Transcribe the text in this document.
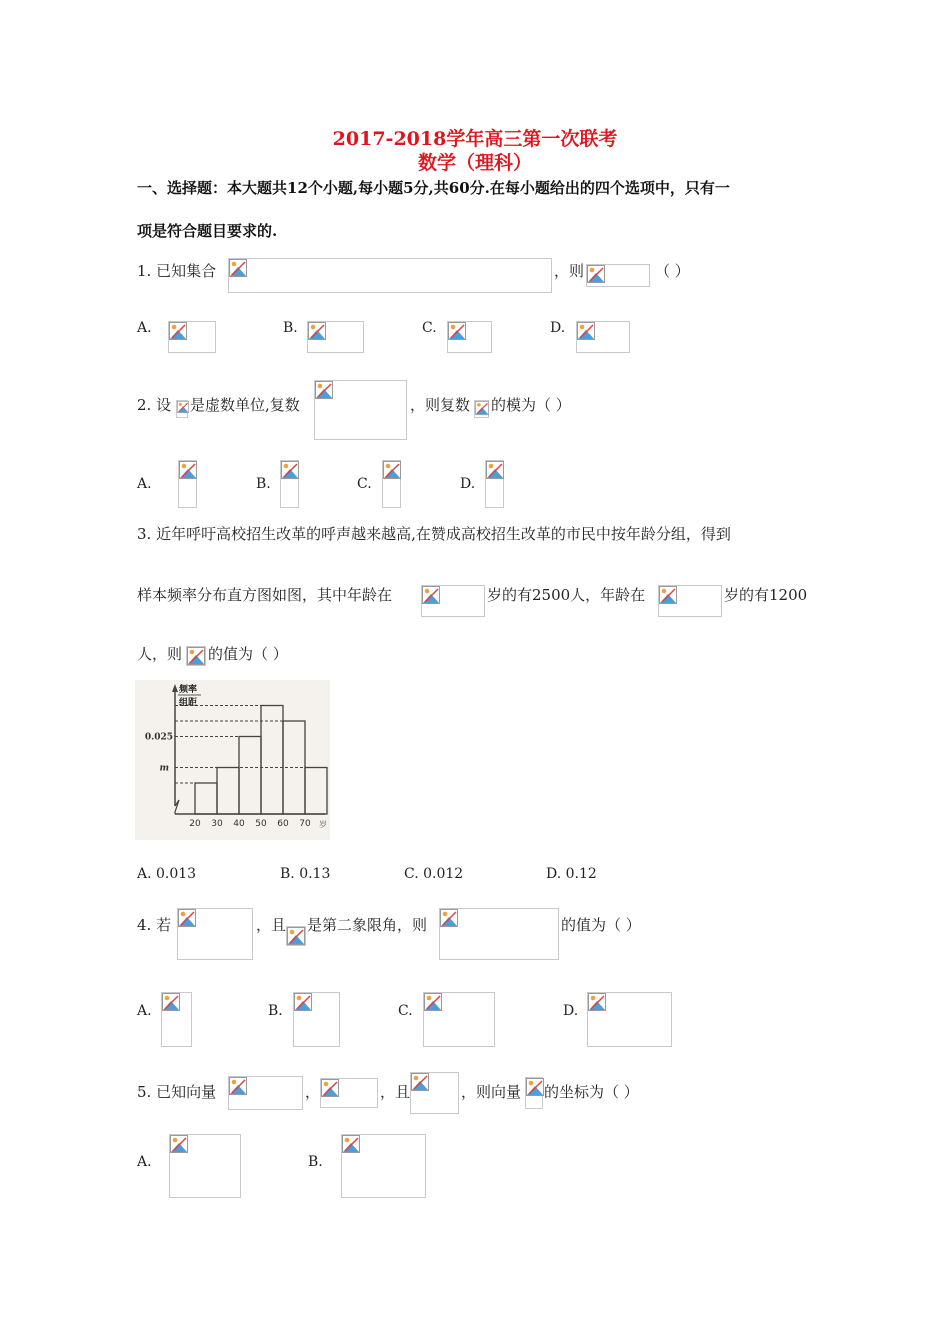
2017-2018学年高三第一次联考
数学（理科）
一、选择题：本大题共12个小题,每小题5分,共60分.在每小题给出的四个选项中，只有一
项是符合题目要求的.
1. 已知集合	，则	（ ）
A.	B.	C.	D.
2. 设 是虚数单位,复数	，则复数 的模为（ ）
A.	B.	C.	D.
3. 近年呼吁高校招生改革的呼声越来越高,在赞成高校招生改革的市民中按年龄分组，得到
样本频率分布直方图如图，其中年龄在	岁的有2500人，年龄在	岁的有1200
人，则 的值为（ ）
20 30 40 50 60 70 岁
0.025
m
频率
组距
A. 0.013	B. 0.13	C. 0.012	D. 0.12
4. 若	，且 是第二象限角，则	的值为（ ）
A.	B.	C.	D.
5. 已知向量	，	，且	，则向量 的坐标为（ ）
A.	B.
